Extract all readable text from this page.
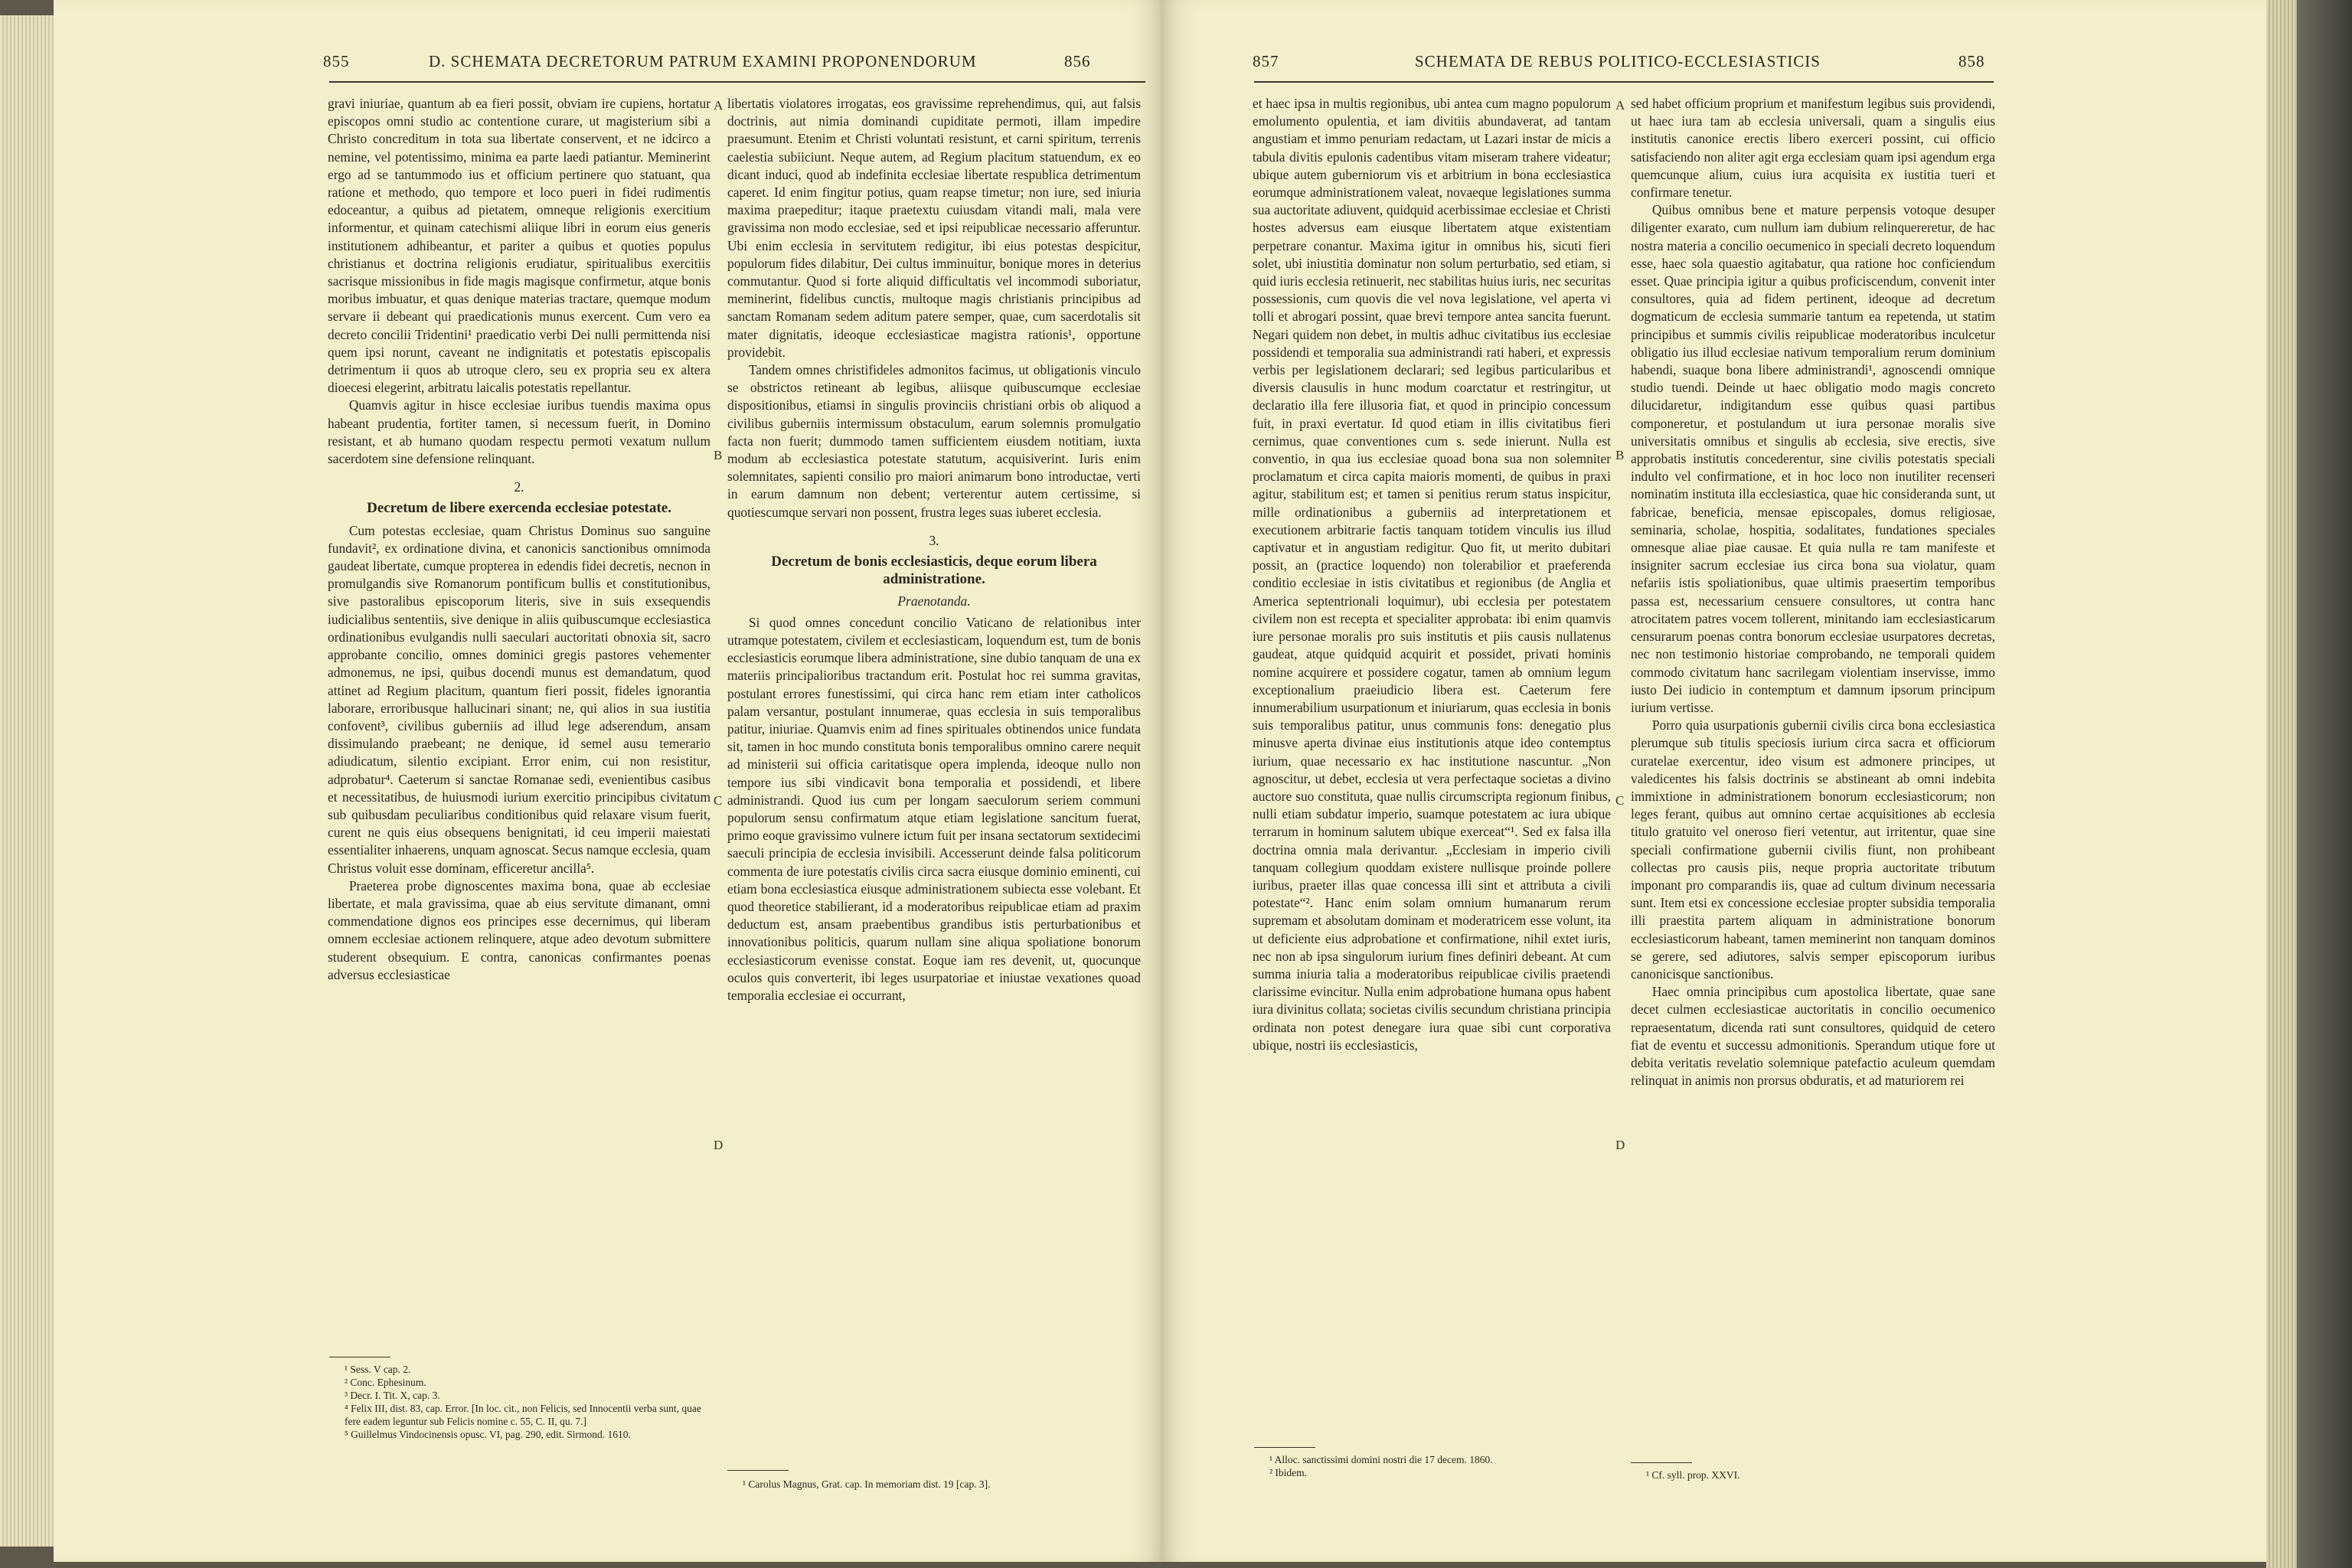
855	D. SCHEMATA DECRETORUM PATRUM EXAMINI PROPONENDORUM	856

gravi iniuriae, quantum ab ea fieri possit, obviam ire cupiens, hortatur episcopos omni studio ac contentione curare, ut magisterium sibi a Christo concreditum in tota sua libertate conservent, et ne idcirco a nemine, vel potentissimo, minima ea parte laedi patiantur. Meminerint ergo ad se tantummodo ius et officium pertinere quo statuant, qua ratione et methodo, quo tempore et loco pueri in fidei rudimentis edoceantur, a quibus ad pietatem, omneque religionis exercitium informentur, et quinam catechismi aliique libri in eorum eius generis institutionem adhibeantur, et pariter a quibus et quoties populus christianus et doctrina religionis erudiatur, spiritualibus exercitiis sacrisque missionibus in fide magis magisque confirmetur, atque bonis moribus imbuatur, et quas denique materias tractare, quemque modum servare ii debeant qui praedicationis munus exercent. Cum vero ea decreto concilii Tridentini¹ praedicatio verbi Dei nulli permittenda nisi quem ipsi norunt, caveant ne indignitatis et potestatis episcopalis detrimentum ii quos ab utroque clero, seu ex propria seu ex altera dioecesi elegerint, arbitratu laicalis potestatis repellantur.

Quamvis agitur in hisce ecclesiae iuribus tuendis maxima opus habeant prudentia, fortiter tamen, si necessum fuerit, in Domino resistant, et ab humano quodam respectu permoti vexatum nullum sacerdotem sine defensione relinquant.

2.

Decretum de libere exercenda ecclesiae potestate.

Cum potestas ecclesiae, quam Christus Dominus suo sanguine fundavit², ex ordinatione divina, et canonicis sanctionibus omnimoda gaudeat libertate, cumque propterea in edendis fidei decretis, necnon in promulgandis sive Romanorum pontificum bullis et constitutionibus, sive pastoralibus episcoporum literis, sive in suis exsequendis iudicialibus sententiis, sive denique in aliis quibuscumque ecclesiastica ordinationibus evulgandis nulli saeculari auctoritati obnoxia sit, sacro approbante concilio, omnes dominici gregis pastores vehementer admonemus, ne ipsi, quibus docendi munus est demandatum, quod attinet ad Regium placitum, quantum fieri possit, fideles ignorantia laborare, erroribusque hallucinari sinant; ne, qui alios in sua iustitia confovent³, civilibus guberniis ad illud lege adserendum, ansam dissimulando praebeant; ne denique, id semel ausu temerario adiudicatum, silentio excipiant. Error enim, cui non resistitur, adprobatur⁴. Caeterum si sanctae Romanae sedi, evenientibus casibus et necessitatibus, de huiusmodi iurium exercitio principibus civitatum sub quibusdam peculiaribus conditionibus quid relaxare visum fuerit, curent ne quis eius obsequens benignitati, id ceu imperii maiestati essentialiter inhaerens, unquam agnoscat. Secus namque ecclesia, quam Christus voluit esse dominam, efficeretur ancilla⁵.

Praeterea probe dignoscentes maxima bona, quae ab ecclesiae libertate, et mala gravissima, quae ab eius servitute dimanant, omni commendatione dignos eos principes esse decernimus, qui liberam omnem ecclesiae actionem relinquere, atque adeo devotum submittere studerent obsequium. E contra, canonicas confirmantes poenas adversus ecclesiasticae

A
B
C
D

libertatis violatores irrogatas, eos gravissime reprehendimus, qui, aut falsis doctrinis, aut nimia dominandi cupiditate permoti, illam impedire praesumunt. Etenim et Christi voluntati resistunt, et carni spiritum, terrenis caelestia subiiciunt. Neque autem, ad Regium placitum statuendum, ex eo dicant induci, quod ab indefinita ecclesiae libertate respublica detrimentum caperet. Id enim fingitur potius, quam reapse timetur; non iure, sed iniuria maxima praepeditur; itaque praetextu cuiusdam vitandi mali, mala vere gravissima non modo ecclesiae, sed et ipsi reipublicae necessario afferuntur. Ubi enim ecclesia in servitutem redigitur, ibi eius potestas despicitur, populorum fides dilabitur, Dei cultus imminuitur, bonique mores in deterius commutantur. Quod si forte aliquid difficultatis vel incommodi suboriatur, meminerint, fidelibus cunctis, multoque magis christianis principibus ad sanctam Romanam sedem aditum patere semper, quae, cum sacerdotalis sit mater dignitatis, ideoque ecclesiasticae magistra rationis¹, opportune providebit.

Tandem omnes christifideles admonitos facimus, ut obligationis vinculo se obstrictos retineant ab legibus, aliisque quibuscumque ecclesiae dispositionibus, etiamsi in singulis provinciis christiani orbis ob aliquod a civilibus guberniis intermissum obstaculum, earum solemnis promulgatio facta non fuerit; dummodo tamen sufficientem eiusdem notitiam, iuxta modum ab ecclesiastica potestate statutum, acquisiverint. Iuris enim solemnitates, sapienti consilio pro maiori animarum bono introductae, verti in earum damnum non debent; verterentur autem certissime, si quotiescumque servari non possent, frustra leges suas iuberet ecclesia.

3.

Decretum de bonis ecclesiasticis, deque eorum libera administratione.

Praenotanda.

Si quod omnes concedunt concilio Vaticano de relationibus inter utramque potestatem, civilem et ecclesiasticam, loquendum est, tum de bonis ecclesiasticis eorumque libera administratione, sine dubio tanquam de una ex materiis principalioribus tractandum erit. Postulat hoc rei summa gravitas, postulant errores funestissimi, qui circa hanc rem etiam inter catholicos palam versantur, postulant innumerae, quas ecclesia in suis temporalibus patitur, iniuriae. Quamvis enim ad fines spirituales obtinendos unice fundata sit, tamen in hoc mundo constituta bonis temporalibus omnino carere nequit ad ministerii sui officia caritatisque opera implenda, ideoque nullo non tempore ius sibi vindicavit bona temporalia et possidendi, et libere administrandi. Quod ius cum per longam saeculorum seriem communi populorum sensu confirmatum atque etiam legislatione sancitum fuerat, primo eoque gravissimo vulnere ictum fuit per insana sectatorum sextidecimi saeculi principia de ecclesia invisibili. Accesserunt deinde falsa politicorum commenta de iure potestatis civilis circa sacra eiusque dominio eminenti, cui etiam bona ecclesiastica eiusque administrationem subiecta esse volebant. Et quod theoretice stabilierant, id a moderatoribus reipublicae etiam ad praxim deductum est, ansam praebentibus grandibus istis perturbationibus et innovationibus politicis, quarum nullam sine aliqua spoliatione bonorum ecclesiasticorum evenisse constat. Eoque iam res devenit, ut, quocunque oculos quis converterit, ibi leges usurpatoriae et iniustae vexationes quoad temporalia ecclesiae ei occurrant,

¹ Sess. V cap. 2.
² Conc. Ephesinum.
³ Decr. I. Tit. X, cap. 3.
⁴ Felix III, dist. 83, cap. Error. [In loc. cit., non Felicis, sed Innocentii verba sunt, quae fere eadem leguntur sub Felicis nomine c. 55, C. II, qu. 7.]
⁵ Guillelmus Vindocinensis opusc. VI, pag. 290, edit. Sirmond. 1610.
¹ Carolus Magnus, Grat. cap. In memoriam dist. 19 [cap. 3].
857	SCHEMATA DE REBUS POLITICO-ECCLESIASTICIS	858

et haec ipsa in multis regionibus, ubi antea cum magno populorum emolumento opulentia, et iam divitiis abundaverat, ad tantam angustiam et immo penuriam redactam, ut Lazari instar de micis a tabula divitis epulonis cadentibus vitam miseram trahere videatur; ubique autem guberniorum vis et arbitrium in bona ecclesiastica eorumque administrationem valeat, novaeque legislationes summa sua auctoritate adiuvent, quidquid acerbissimae ecclesiae et Christi hostes adversus eam eiusque libertatem atque existentiam perpetrare conantur. Maxima igitur in omnibus his, sicuti fieri solet, ubi iniustitia dominatur non solum perturbatio, sed etiam, si quid iuris ecclesia retinuerit, nec stabilitas huius iuris, nec securitas possessionis, cum quovis die vel nova legislatione, vel aperta vi tolli et abrogari possint, quae brevi tempore antea sancita fuerunt. Negari quidem non debet, in multis adhuc civitatibus ius ecclesiae possidendi et temporalia sua administrandi rati haberi, et expressis verbis per legislationem declarari; sed legibus particularibus et diversis clausulis in hunc modum coarctatur et restringitur, ut declaratio illa fere illusoria fiat, et quod in principio concessum fuit, in praxi evertatur. Id quod etiam in illis civitatibus fieri cernimus, quae conventiones cum s. sede inierunt. Nulla est conventio, in qua ius ecclesiae quoad bona sua non solemniter proclamatum et circa capita maioris momenti, de quibus in praxi agitur, stabilitum est; et tamen si penitius rerum status inspicitur, mille ordinationibus a guberniis ad interpretationem et executionem arbitrarie factis tanquam totidem vinculis ius illud captivatur et in angustiam redigitur. Quo fit, ut merito dubitari possit, an (practice loquendo) non tolerabilior et praeferenda conditio ecclesiae in istis civitatibus et regionibus (de Anglia et America septentrionali loquimur), ubi ecclesia per potestatem civilem non est recepta et specialiter approbata: ibi enim quamvis iure personae moralis pro suis institutis et piis causis nullatenus gaudeat, atque quidquid acquirit et possidet, privati hominis nomine acquirere et possidere cogatur, tamen ab omnium legum exceptionalium praeiudicio libera est. Caeterum fere innumerabilium usurpationum et iniuriarum, quas ecclesia in bonis suis temporalibus patitur, unus communis fons: denegatio plus minusve aperta divinae eius institutionis atque ideo contemptus iurium, quae necessario ex hac institutione nascuntur. „Non agnoscitur, ut debet, ecclesia ut vera perfectaque societas a divino auctore suo constituta, quae nullis circumscripta regionum finibus, nulli etiam subdatur imperio, suamque potestatem ac iura ubique terrarum in hominum salutem ubique exerceat“¹. Sed ex falsa illa doctrina omnia mala derivantur. „Ecclesiam in imperio civili tanquam collegium quoddam existere nullisque proinde pollere iuribus, praeter illas quae concessa illi sint et attributa a civili potestate“². Hanc enim solam omnium humanarum rerum supremam et absolutam dominam et moderatricem esse volunt, ita ut deficiente eius adprobatione et confirmatione, nihil extet iuris, nec non ab ipsa singulorum iurium fines definiri debeant. At cum summa iniuria talia a moderatoribus reipublicae civilis praetendi clarissime evincitur. Nulla enim adprobatione humana opus habent iura divinitus collata; societas civilis secundum christiana principia ordinata non potest denegare iura quae sibi cunt corporativa ubique, nostri iis ecclesiasticis,

A
B
C
D

sed habet officium proprium et manifestum legibus suis providendi, ut haec iura tam ab ecclesia universali, quam a singulis eius institutis canonice erectis libero exerceri possint, cui officio satisfaciendo non aliter agit erga ecclesiam quam ipsi agendum erga quemcunque alium, cuius iura acquisita ex iustitia tueri et confirmare tenetur.

Quibus omnibus bene et mature perpensis votoque desuper diligenter exarato, cum nullum iam dubium relinquereretur, de hac nostra materia a concilio oecumenico in speciali decreto loquendum esse, haec sola quaestio agitabatur, qua ratione hoc conficiendum esset. Quae principia igitur a quibus proficiscendum, convenit inter consultores, quia ad fidem pertinent, ideoque ad decretum dogmaticum de ecclesia summarie tantum ea repetenda, ut statim principibus et summis civilis reipublicae moderatoribus inculcetur obligatio ius illud ecclesiae nativum temporalium rerum dominium habendi, suaque bona libere administrandi¹, agnoscendi omnique studio tuendi. Deinde ut haec obligatio modo magis concreto dilucidaretur, indigitandum esse quibus quasi partibus componeretur, et postulandum ut iura personae moralis sive universitatis omnibus et singulis ab ecclesia, sive erectis, sive approbatis institutis concederentur, sine civilis potestatis speciali indulto vel confirmatione, et in hoc loco non inutiliter recenseri nominatim instituta illa ecclesiastica, quae hic consideranda sunt, ut fabricae, beneficia, mensae episcopales, domus religiosae, seminaria, scholae, hospitia, sodalitates, fundationes speciales omnesque aliae piae causae. Et quia nulla re tam manifeste et insigniter sacrum ecclesiae ius circa bona sua violatur, quam nefariis istis spoliationibus, quae ultimis praesertim temporibus passa est, necessarium censuere consultores, ut contra hanc atrocitatem patres vocem tollerent, minitando iam ecclesiasticarum censurarum poenas contra bonorum ecclesiae usurpatores decretas, nec non testimonio historiae comprobando, ne temporali quidem commodo civitatum hanc sacrilegam violentiam inservisse, immo iusto Dei iudicio in contemptum et damnum ipsorum principum iurium vertisse.

Porro quia usurpationis gubernii civilis circa bona ecclesiastica plerumque sub titulis speciosis iurium circa sacra et officiorum curatelae exercentur, ideo visum est admonere principes, ut valedicentes his falsis doctrinis se abstineant ab omni indebita immixtione in administrationem bonorum ecclesiasticorum; non leges ferant, quibus aut omnino certae acquisitiones ab ecclesia titulo gratuito vel oneroso fieri vetentur, aut irritentur, quae sine speciali confirmatione gubernii civilis fiunt, non prohibeant collectas pro causis piis, neque propria auctoritate tributum imponant pro comparandis iis, quae ad cultum divinum necessaria sunt. Item etsi ex concessione ecclesiae propter subsidia temporalia illi praestita partem aliquam in administratione bonorum ecclesiasticorum habeant, tamen meminerint non tanquam dominos se gerere, sed adiutores, salvis semper episcoporum iuribus canonicisque sanctionibus.

Haec omnia principibus cum apostolica libertate, quae sane decet culmen ecclesiasticae auctoritatis in concilio oecumenico repraesentatum, dicenda rati sunt consultores, quidquid de cetero fiat de eventu et successu admonitionis. Sperandum utique fore ut debita veritatis revelatio solemnique patefactio aculeum quemdam relinquat in animis non prorsus obduratis, et ad maturiorem rei

¹ Alloc. sanctissimi domini nostri die 17 decem. 1860.
² Ibidem.	¹ Cf. syll. prop. XXVI.
